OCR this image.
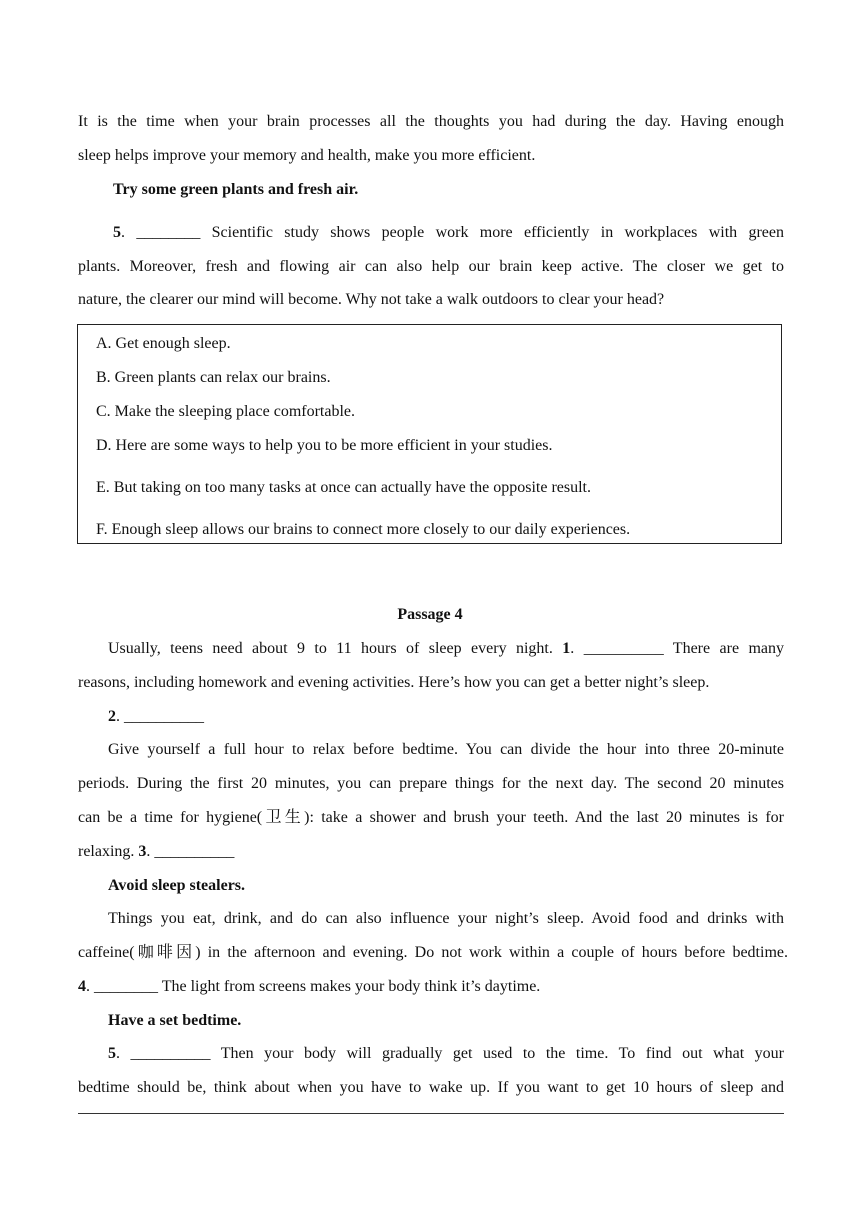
It is the time when your brain processes all the thoughts you had during the day. Having enough
sleep helps improve your memory and health, make you more efficient.
Try some green plants and fresh air.
5. ________ Scientific study shows people work more efficiently in workplaces with green
plants. Moreover, fresh and flowing air can also help our brain keep active. The closer we get to
nature, the clearer our mind will become. Why not take a walk outdoors to clear your head?
A. Get enough sleep.
B. Green plants can relax our brains.
C. Make the sleeping place comfortable.
D. Here are some ways to help you to be more efficient in your studies.
E. But taking on too many tasks at once can actually have the opposite result.
F. Enough sleep allows our brains to connect more closely to our daily experiences.
Passage 4
Usually, teens need about 9 to 11 hours of sleep every night. 1. __________ There are many
reasons, including homework and evening activities. Here’s how you can get a better night’s sleep.
2. __________
Give yourself a full hour to relax before bedtime. You can divide the hour into three 20-minute
periods. During the first 20 minutes, you can prepare things for the next day. The second 20 minutes
can be a time for hygiene(卫生): take a shower and brush your teeth. And the last 20 minutes is for
relaxing. 3. __________
Avoid sleep stealers.
Things you eat, drink, and do can also influence your night’s sleep. Avoid food and drinks with
caffeine(咖啡因) in the afternoon and evening. Do not work within a couple of hours before bedtime.
4. ________ The light from screens makes your body think it’s daytime.
Have a set bedtime.
5. __________ Then your body will gradually get used to the time. To find out what your
bedtime should be, think about when you have to wake up. If you want to get 10 hours of sleep and
